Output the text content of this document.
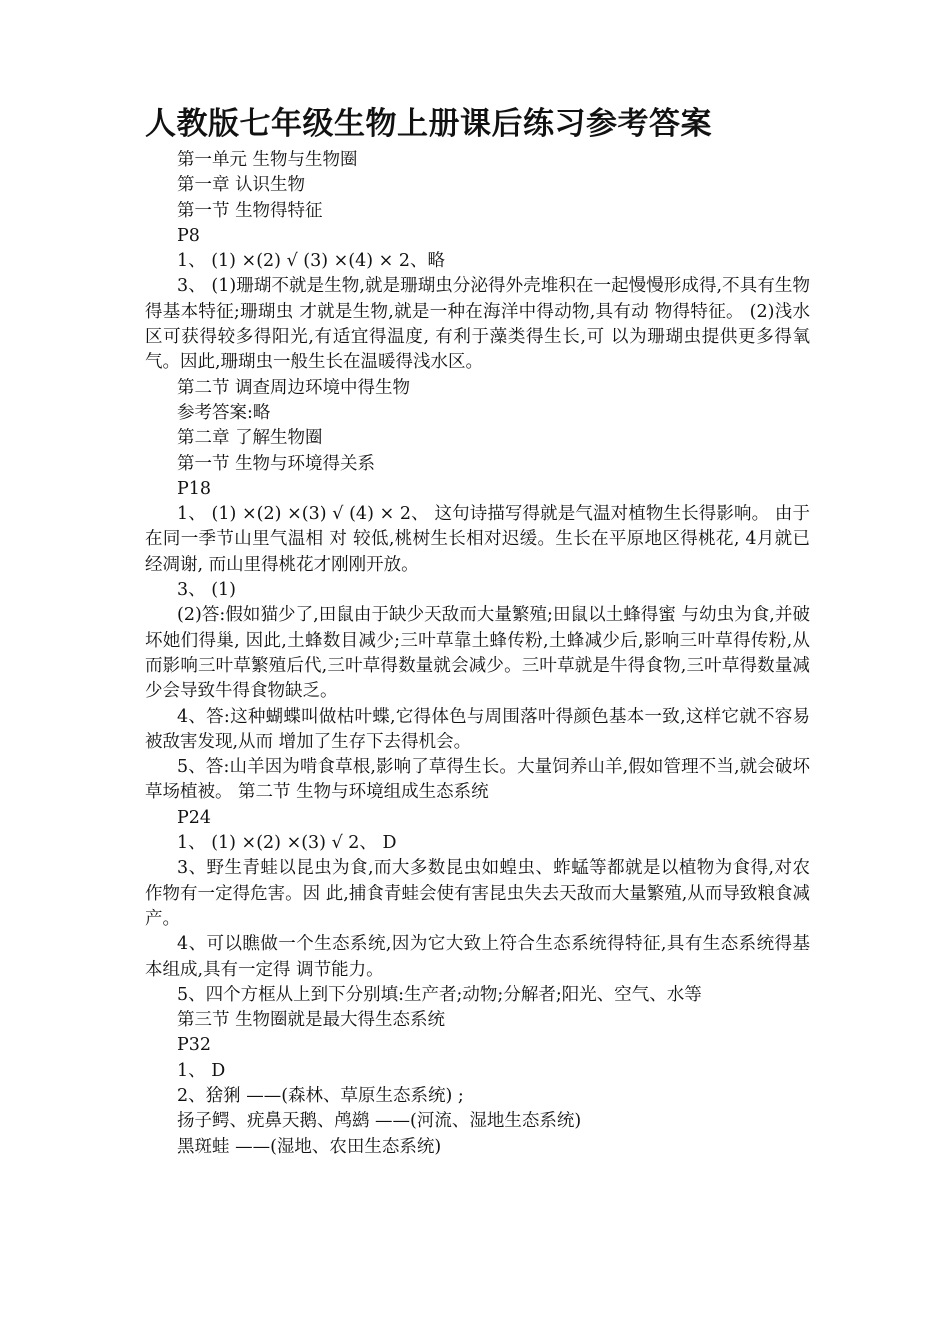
人教版七年级生物上册课后练习参考答案

第一单元 生物与生物圈

第一章 认识生物

第一节 生物得特征

P8

1、 (1) ×(2) √ (3) ×(4) × 2、略

3、 (1)珊瑚不就是生物,就是珊瑚虫分泌得外壳堆积在一起慢慢形成得,不具有生物得基本特征;珊瑚虫 才就是生物,就是一种在海洋中得动物,具有动 物得特征。 (2)浅水区可获得较多得阳光,有适宜得温度, 有利于藻类得生长,可 以为珊瑚虫提供更多得氧气。因此,珊瑚虫一般生长在温暖得浅水区。

第二节 调查周边环境中得生物

参考答案:略

第二章 了解生物圈

第一节 生物与环境得关系

P18

1、 (1) ×(2) ×(3) √ (4) × 2、 这句诗描写得就是气温对植物生长得影响。 由于在同一季节山里气温相 对 较低,桃树生长相对迟缓。生长在平原地区得桃花, 4月就已经凋谢, 而山里得桃花才刚刚开放。

3、 (1)

(2)答:假如猫少了,田鼠由于缺少天敌而大量繁殖;田鼠以土蜂得蜜 与幼虫为食,并破坏她们得巢, 因此,土蜂数目减少;三叶草靠土蜂传粉,土蜂减少后,影响三叶草得传粉,从而影响三叶草繁殖后代,三叶草得数量就会减少。三叶草就是牛得食物,三叶草得数量减少会导致牛得食物缺乏。

4、答:这种蝴蝶叫做枯叶蝶,它得体色与周围落叶得颜色基本一致,这样它就不容易被敌害发现,从而 增加了生存下去得机会。

5、答:山羊因为啃食草根,影响了草得生长。大量饲养山羊,假如管理不当,就会破坏草场植被。 第二节 生物与环境组成生态系统

P24

1、 (1) ×(2) ×(3) √ 2、 D

3、野生青蛙以昆虫为食,而大多数昆虫如蝗虫、蚱蜢等都就是以植物为食得,对农作物有一定得危害。因 此,捕食青蛙会使有害昆虫失去天敌而大量繁殖,从而导致粮食减产。

4、可以瞧做一个生态系统,因为它大致上符合生态系统得特征,具有生态系统得基本组成,具有一定得 调节能力。

5、四个方框从上到下分别填:生产者;动物;分解者;阳光、空气、水等

第三节 生物圈就是最大得生态系统

P32

1、 D

2、猞猁 ——(森林、草原生态系统) ;

扬子鳄、疣鼻天鹅、鸬鹚 ——(河流、湿地生态系统)

黑斑蛙 ——(湿地、农田生态系统)
